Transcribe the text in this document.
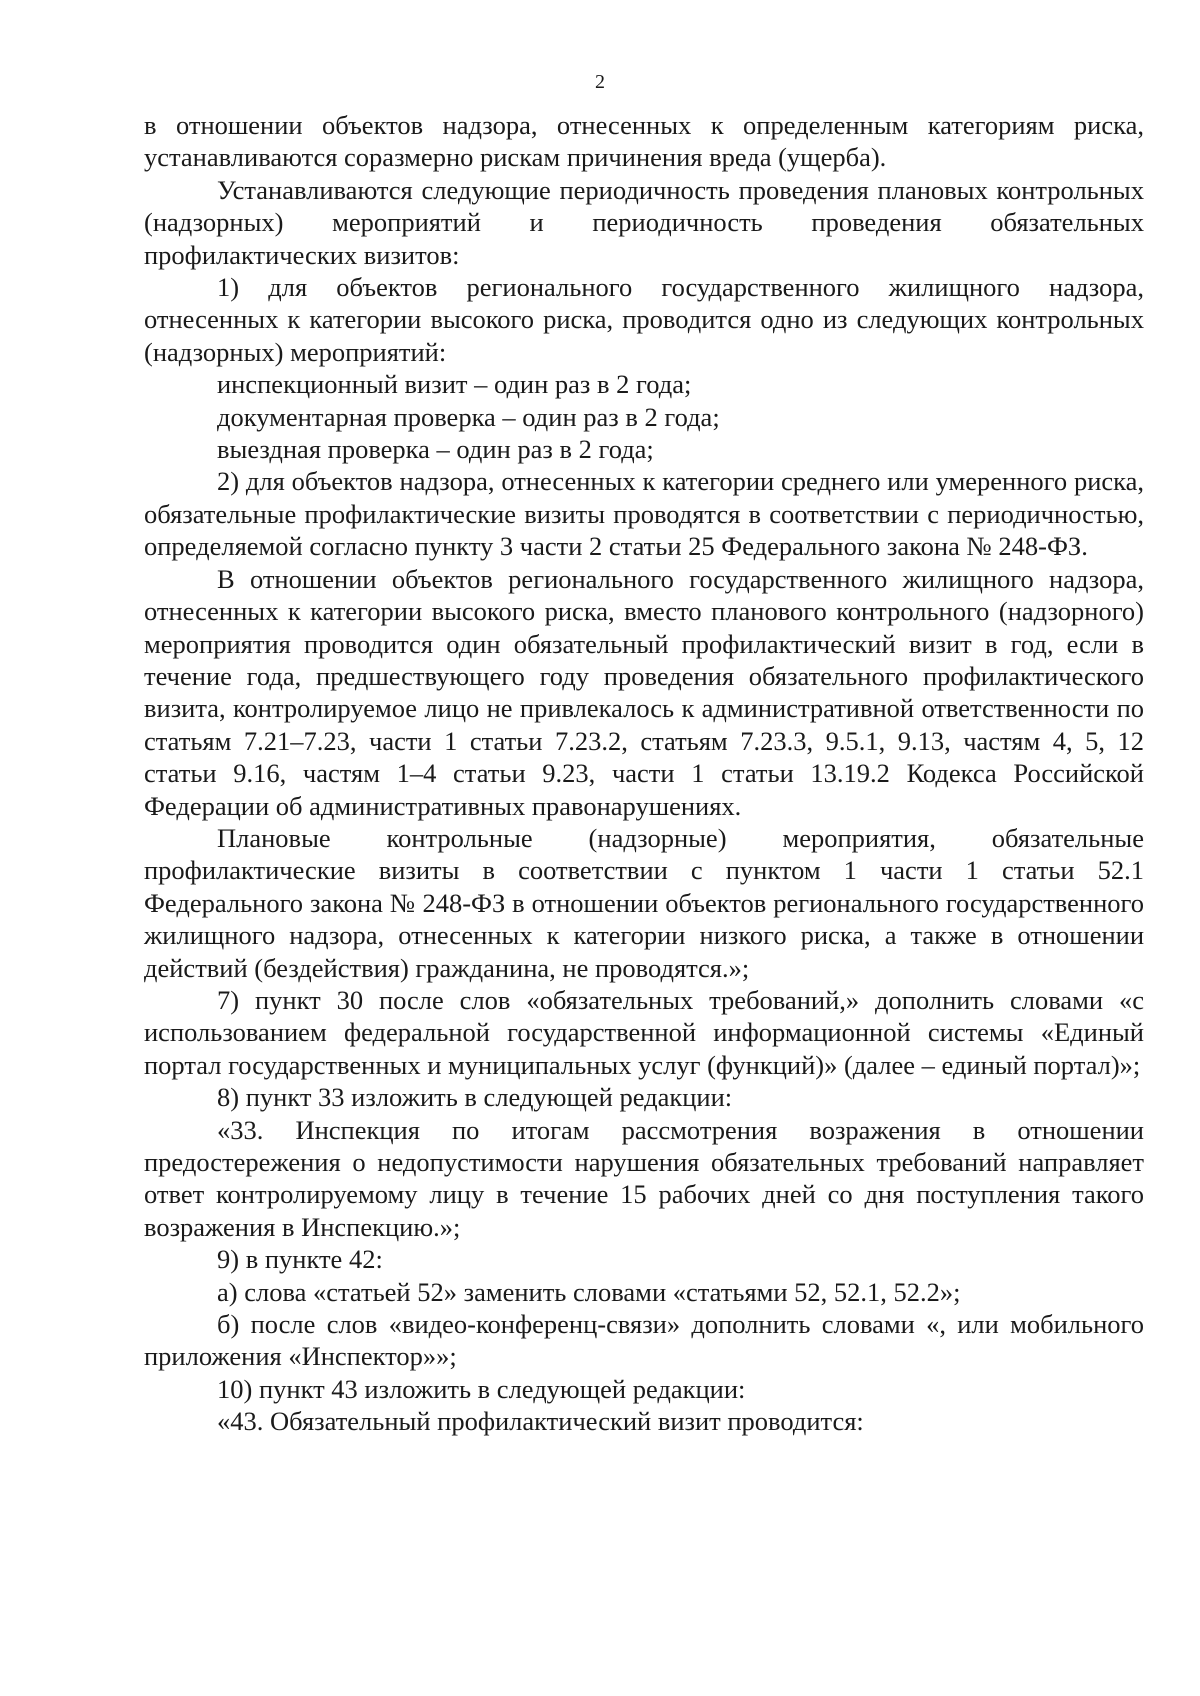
2

в отношении объектов надзора, отнесенных к определенным категориям риска, устанавливаются соразмерно рискам причинения вреда (ущерба).

Устанавливаются следующие периодичность проведения плановых контрольных (надзорных) мероприятий и периодичность проведения обязательных профилактических визитов:

1) для объектов регионального государственного жилищного надзора, отнесенных к категории высокого риска, проводится одно из следующих контрольных (надзорных) мероприятий:

инспекционный визит – один раз в 2 года;

документарная проверка – один раз в 2 года;

выездная проверка – один раз в 2 года;

2) для объектов надзора, отнесенных к категории среднего или умеренного риска, обязательные профилактические визиты проводятся в соответствии с периодичностью, определяемой согласно пункту 3 части 2 статьи 25 Федерального закона № 248-ФЗ.

В отношении объектов регионального государственного жилищного надзора, отнесенных к категории высокого риска, вместо планового контрольного (надзорного) мероприятия проводится один обязательный профилактический визит в год, если в течение года, предшествующего году проведения обязательного профилактического визита, контролируемое лицо не привлекалось к административной ответственности по статьям 7.21–7.23, части 1 статьи 7.23.2, статьям 7.23.3, 9.5.1, 9.13, частям 4, 5, 12 статьи 9.16, частям 1–4 статьи 9.23, части 1 статьи 13.19.2 Кодекса Российской Федерации об административных правонарушениях.

Плановые контрольные (надзорные) мероприятия, обязательные профилактические визиты в соответствии с пунктом 1 части 1 статьи 52.1 Федерального закона № 248-ФЗ в отношении объектов регионального государственного жилищного надзора, отнесенных к категории низкого риска, а также в отношении действий (бездействия) гражданина, не проводятся.»;

7) пункт 30 после слов «обязательных требований,» дополнить словами «с использованием федеральной государственной информационной системы «Единый портал государственных и муниципальных услуг (функций)» (далее – единый портал)»;

8) пункт 33 изложить в следующей редакции:

«33. Инспекция по итогам рассмотрения возражения в отношении предостережения о недопустимости нарушения обязательных требований направляет ответ контролируемому лицу в течение 15 рабочих дней со дня поступления такого возражения в Инспекцию.»;

9) в пункте 42:

а) слова «статьей 52» заменить словами «статьями 52, 52.1, 52.2»;

б) после слов «видео-конференц-связи» дополнить словами «, или мобильного приложения «Инспектор»»;

10) пункт 43 изложить в следующей редакции:

«43. Обязательный профилактический визит проводится:
